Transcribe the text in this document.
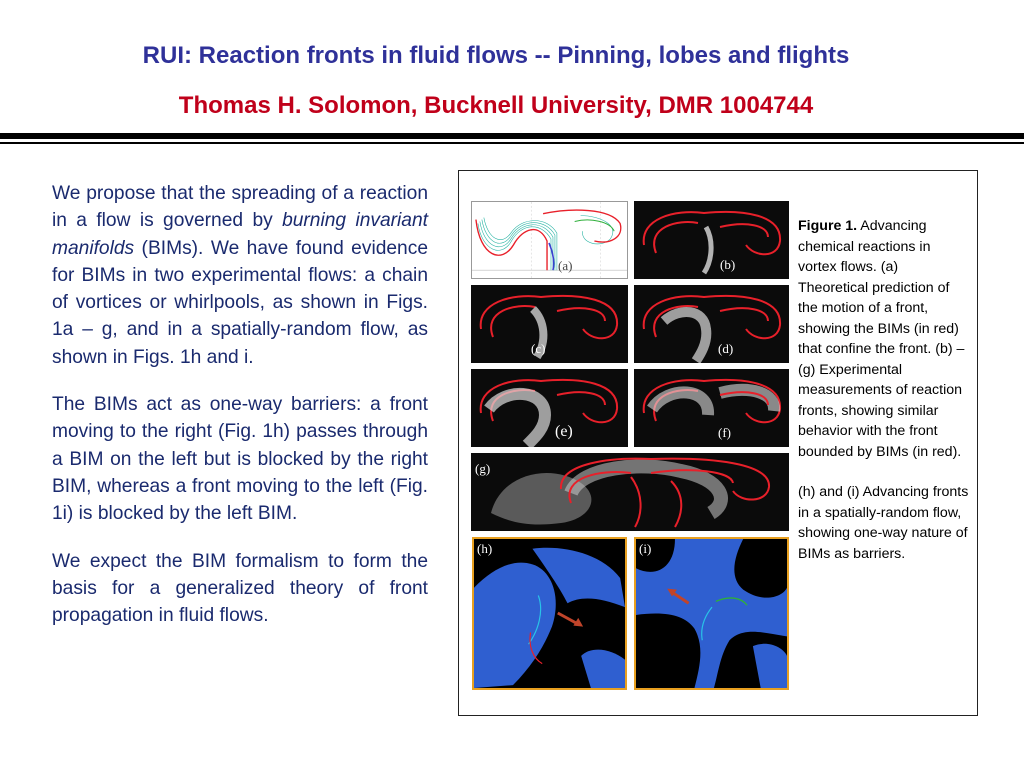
RUI: Reaction fronts in fluid flows -- Pinning, lobes and flights
Thomas H. Solomon, Bucknell University, DMR 1004744

We propose that the spreading of a reaction in a flow is governed by burning invariant manifolds (BIMs). We have found evidence for BIMs in two experimental flows: a chain of vortices or whirlpools, as shown in Figs. 1a – g, and in a spatially-random flow, as shown in Figs. 1h and i.

The BIMs act as one-way barriers: a front moving to the right (Fig. 1h) passes through a BIM on the left but is blocked by the right BIM, whereas a front moving to the left (Fig. 1i) is blocked by the left BIM.

We expect the BIM formalism to form the basis for a generalized theory of front propagation in fluid flows.

(a)	(b)
(c)	(d)
(e)	(f)
(g)
(h)	(i)

Figure 1. Advancing chemical reactions in vortex flows. (a) Theoretical prediction of the motion of a front, showing the BIMs (in red) that confine the front. (b) – (g) Experimental measurements of reaction fronts, showing similar behavior with the front bounded by BIMs (in red).

(h) and (i) Advancing fronts in a spatially-random flow, showing one-way nature of BIMs as barriers.
